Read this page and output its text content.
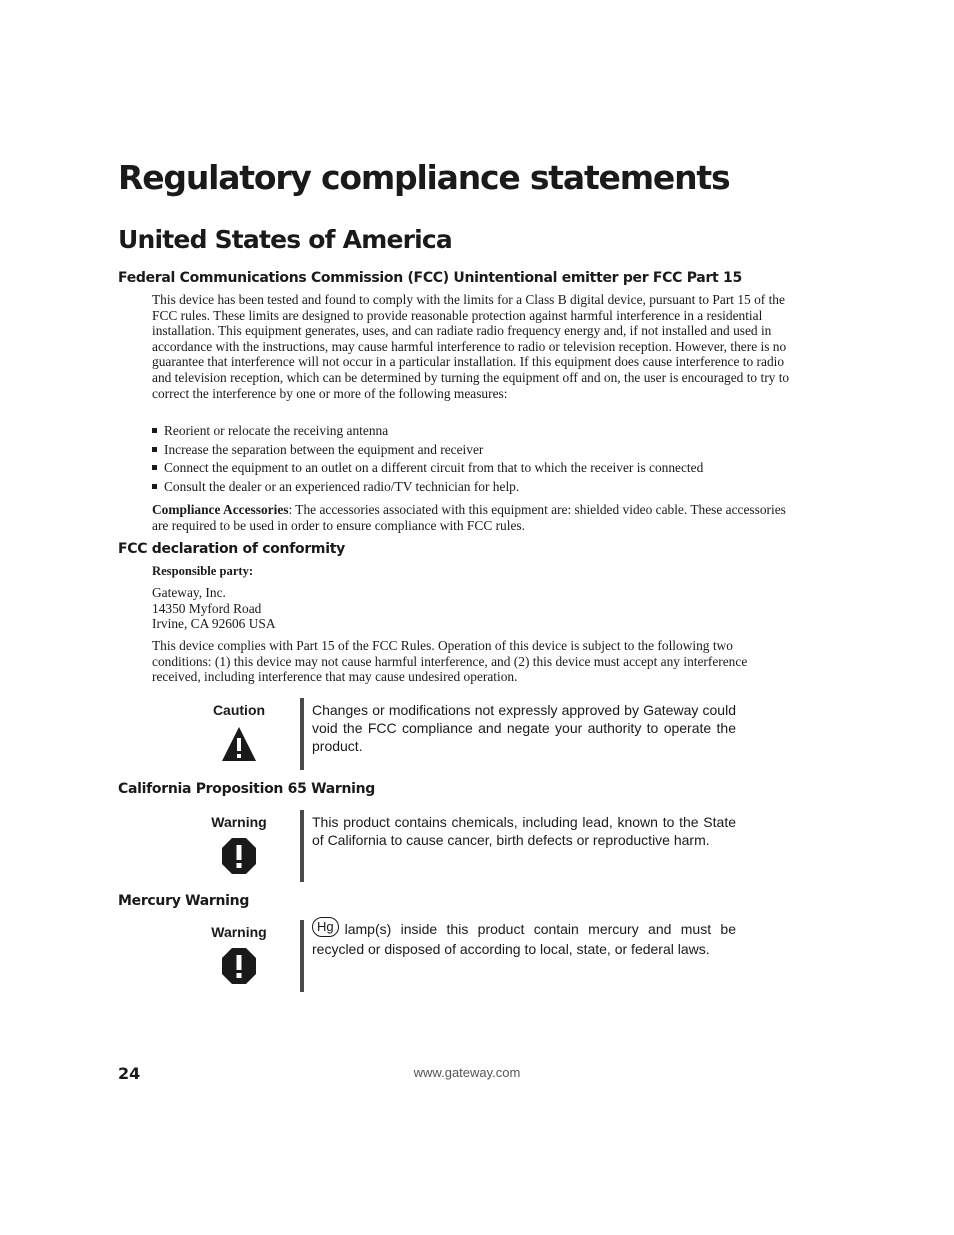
Regulatory compliance statements
United States of America
Federal Communications Commission (FCC) Unintentional emitter per FCC Part 15

This device has been tested and found to comply with the limits for a Class B digital device, pursuant to Part 15 of the FCC rules. These limits are designed to provide reasonable protection against harmful interference in a residential installation. This equipment generates, uses, and can radiate radio frequency energy and, if not installed and used in accordance with the instructions, may cause harmful interference to radio or television reception. However, there is no guarantee that interference will not occur in a particular installation. If this equipment does cause interference to radio and television reception, which can be determined by turning the equipment off and on, the user is encouraged to try to correct the interference by one or more of the following measures:

Reorient or relocate the receiving antenna
Increase the separation between the equipment and receiver
Connect the equipment to an outlet on a different circuit from that to which the receiver is connected
Consult the dealer or an experienced radio/TV technician for help.

Compliance Accessories: The accessories associated with this equipment are: shielded video cable. These accessories are required to be used in order to ensure compliance with FCC rules.

FCC declaration of conformity

Responsible party:

Gateway, Inc.
14350 Myford Road
Irvine, CA 92606 USA

This device complies with Part 15 of the FCC Rules. Operation of this device is subject to the following two conditions: (1) this device may not cause harmful interference, and (2) this device must accept any interference received, including interference that may cause undesired operation.

Caution	Changes or modifications not expressly approved by Gateway could void the FCC compliance and negate your authority to operate the product.
California Proposition 65 Warning
Warning	This product contains chemicals, including lead, known to the State of California to cause cancer, birth defects or reproductive harm.
Mercury Warning
Warning	Hg lamp(s) inside this product contain mercury and must be recycled or disposed of according to local, state, or federal laws.
24	www.gateway.com
